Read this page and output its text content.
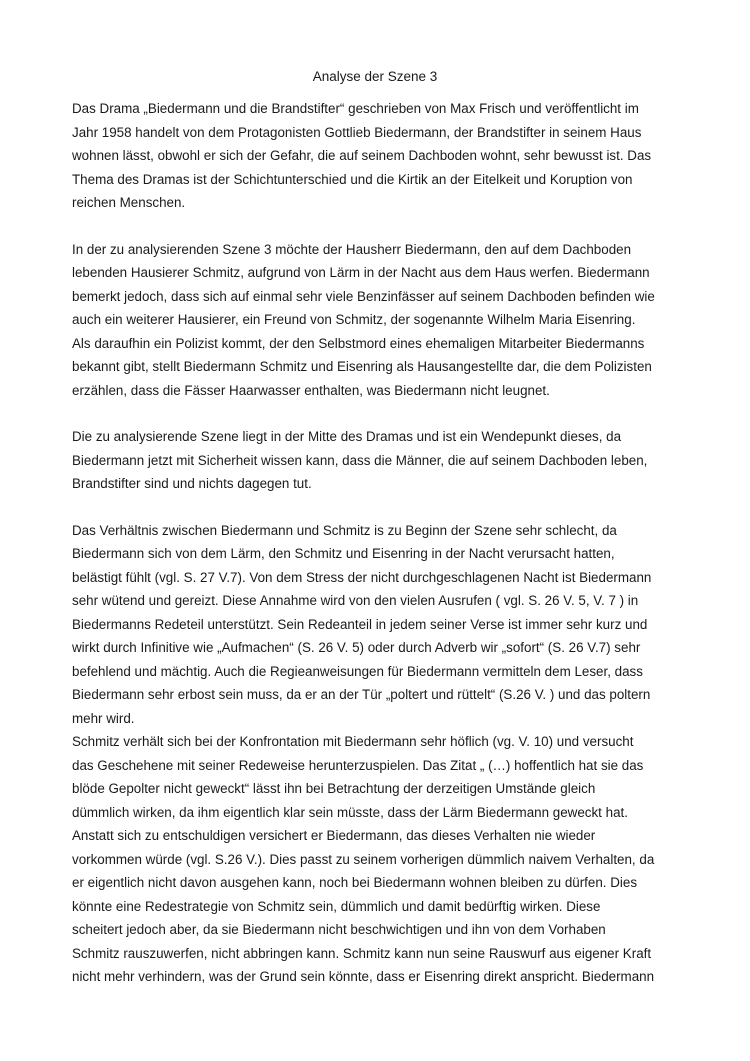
Analyse der Szene 3

Das Drama „Biedermann und die Brandstifter“ geschrieben von Max Frisch und veröffentlicht im
Jahr 1958 handelt von dem Protagonisten Gottlieb Biedermann, der Brandstifter in seinem Haus
wohnen lässt, obwohl er sich der Gefahr, die auf seinem Dachboden wohnt, sehr bewusst ist. Das
Thema des Dramas ist der Schichtunterschied und die Kirtik an der Eitelkeit und Koruption von
reichen Menschen.

In der zu analysierenden Szene 3 möchte der Hausherr Biedermann, den auf dem Dachboden
lebenden Hausierer Schmitz, aufgrund von Lärm in der Nacht aus dem Haus werfen. Biedermann
bemerkt jedoch, dass sich auf einmal sehr viele Benzinfässer auf seinem Dachboden befinden wie
auch ein weiterer Hausierer, ein Freund von Schmitz, der sogenannte Wilhelm Maria Eisenring.
Als daraufhin ein Polizist kommt, der den Selbstmord eines ehemaligen Mitarbeiter Biedermanns
bekannt gibt, stellt Biedermann Schmitz und Eisenring als Hausangestellte dar, die dem Polizisten
erzählen, dass die Fässer Haarwasser enthalten, was Biedermann nicht leugnet.

Die zu analysierende Szene liegt in der Mitte des Dramas und ist ein Wendepunkt dieses, da
Biedermann jetzt mit Sicherheit wissen kann, dass die Männer, die auf seinem Dachboden leben,
Brandstifter sind und nichts dagegen tut.

Das Verhältnis zwischen Biedermann und Schmitz is zu Beginn der Szene sehr schlecht, da
Biedermann sich von dem Lärm, den Schmitz und Eisenring in der Nacht verursacht hatten,
belästigt fühlt (vgl. S. 27 V.7). Von dem Stress der nicht durchgeschlagenen Nacht ist Biedermann
sehr wütend und gereizt. Diese Annahme wird von den vielen Ausrufen ( vgl. S. 26 V. 5, V. 7 ) in
Biedermanns Redeteil unterstützt. Sein Redeanteil in jedem seiner Verse ist immer sehr kurz und
wirkt durch Infinitive wie „Aufmachen“ (S. 26 V. 5) oder durch Adverb wir „sofort“ (S. 26 V.7) sehr
befehlend und mächtig. Auch die Regieanweisungen für Biedermann vermitteln dem Leser, dass
Biedermann sehr erbost sein muss, da er an der Tür „poltert und rüttelt“ (S.26 V. ) und das poltern
mehr wird.
Schmitz verhält sich bei der Konfrontation mit Biedermann sehr höflich (vg. V. 10) und versucht
das Geschehene mit seiner Redeweise herunterzuspielen. Das Zitat „ (…) hoffentlich hat sie das
blöde Gepolter nicht geweckt“ lässt ihn bei Betrachtung der derzeitigen Umstände gleich
dümmlich wirken, da ihm eigentlich klar sein müsste, dass der Lärm Biedermann geweckt hat.
Anstatt sich zu entschuldigen versichert er Biedermann, das dieses Verhalten nie wieder
vorkommen würde (vgl. S.26 V.). Dies passt zu seinem vorherigen dümmlich naivem Verhalten, da
er eigentlich nicht davon ausgehen kann, noch bei Biedermann wohnen bleiben zu dürfen. Dies
könnte eine Redestrategie von Schmitz sein, dümmlich und damit bedürftig wirken. Diese
scheitert jedoch aber, da sie Biedermann nicht beschwichtigen und ihn von dem Vorhaben
Schmitz rauszuwerfen, nicht abbringen kann. Schmitz kann nun seine Rauswurf aus eigener Kraft
nicht mehr verhindern, was der Grund sein könnte, dass er Eisenring direkt anspricht. Biedermann
